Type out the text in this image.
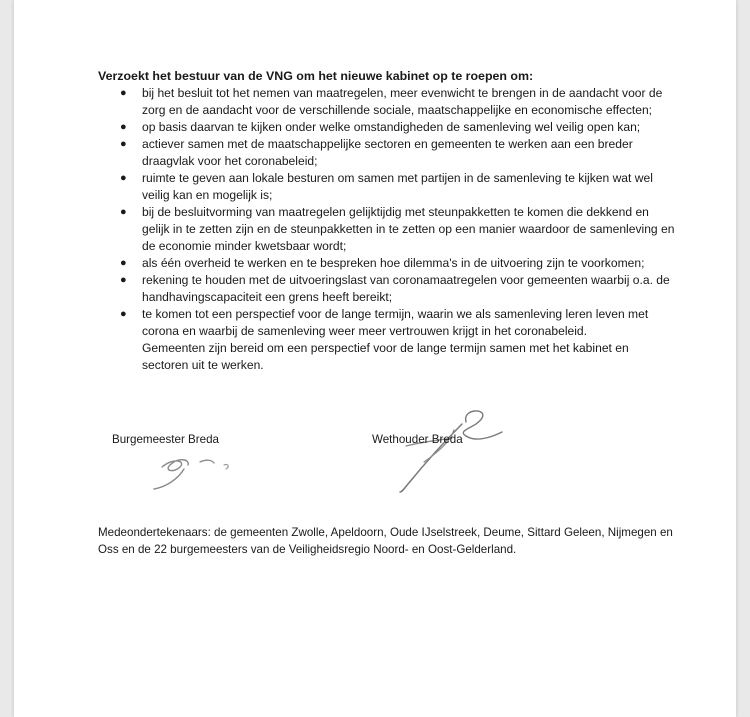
Verzoekt het bestuur van de VNG om het nieuwe kabinet op te roepen om:

● bij het besluit tot het nemen van maatregelen, meer evenwicht te brengen in de aandacht voor de zorg en de aandacht voor de verschillende sociale, maatschappelijke en economische effecten;
● op basis daarvan te kijken onder welke omstandigheden de samenleving wel veilig open kan;
● actiever samen met de maatschappelijke sectoren en gemeenten te werken aan een breder draagvlak voor het coronabeleid;
● ruimte te geven aan lokale besturen om samen met partijen in de samenleving te kijken wat wel veilig kan en mogelijk is;
● bij de besluitvorming van maatregelen gelijktijdig met steunpakketten te komen die dekkend en gelijk in te zetten zijn en de steunpakketten in te zetten op een manier waardoor de samenleving en de economie minder kwetsbaar wordt;
● als één overheid te werken en te bespreken hoe dilemma's in de uitvoering zijn te voorkomen;
● rekening te houden met de uitvoeringslast van coronamaatregelen voor gemeenten waarbij o.a. de handhavingscapaciteit een grens heeft bereikt;
● te komen tot een perspectief voor de lange termijn, waarin we als samenleving leren leven met corona en waarbij de samenleving weer meer vertrouwen krijgt in het coronabeleid.
Gemeenten zijn bereid om een perspectief voor de lange termijn samen met het kabinet en sectoren uit te werken.
Burgemeester Breda	Wethouder Breda
Medeondertekenaars: de gemeenten Zwolle, Apeldoorn, Oude IJselstreek, Deume, Sittard Geleen, Nijmegen en Oss en de 22 burgemeesters van de Veiligheidsregio Noord- en Oost-Gelderland.
